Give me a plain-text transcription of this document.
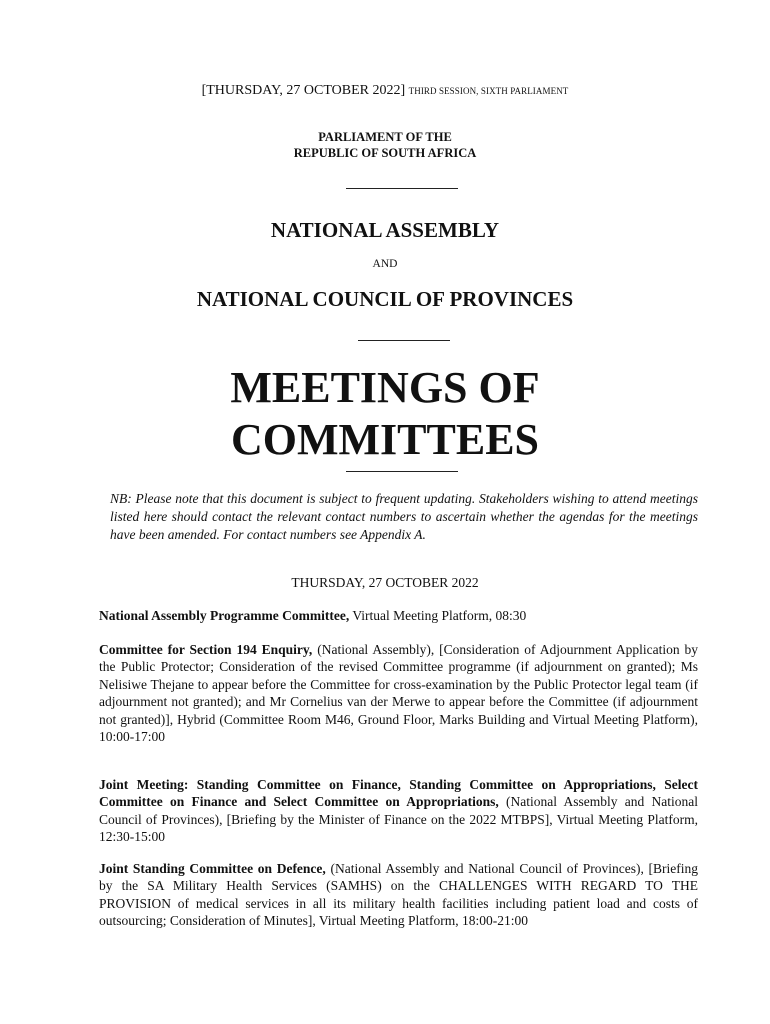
[THURSDAY, 27 OCTOBER 2022] THIRD SESSION, SIXTH PARLIAMENT
PARLIAMENT OF THE
REPUBLIC OF SOUTH AFRICA
NATIONAL ASSEMBLY
AND
NATIONAL COUNCIL OF PROVINCES
MEETINGS OF
COMMITTEES
NB: Please note that this document is subject to frequent updating. Stakeholders wishing to attend meetings listed here should contact the relevant contact numbers to ascertain whether the agendas for the meetings have been amended. For contact numbers see Appendix A.
THURSDAY, 27 OCTOBER 2022
National Assembly Programme Committee, Virtual Meeting Platform, 08:30
Committee for Section 194 Enquiry, (National Assembly), [Consideration of Adjournment Application by the Public Protector; Consideration of the revised Committee programme (if adjournment on granted); Ms Nelisiwe Thejane to appear before the Committee for cross-examination by the Public Protector legal team (if adjournment not granted); and Mr Cornelius van der Merwe to appear before the Committee (if adjournment not granted)], Hybrid (Committee Room M46, Ground Floor, Marks Building and Virtual Meeting Platform), 10:00-17:00
Joint Meeting: Standing Committee on Finance, Standing Committee on Appropriations, Select Committee on Finance and Select Committee on Appropriations, (National Assembly and National Council of Provinces), [Briefing by the Minister of Finance on the 2022 MTBPS], Virtual Meeting Platform, 12:30-15:00
Joint Standing Committee on Defence, (National Assembly and National Council of Provinces), [Briefing by the SA Military Health Services (SAMHS) on the CHALLENGES WITH REGARD TO THE PROVISION of medical services in all its military health facilities including patient load and costs of outsourcing; Consideration of Minutes], Virtual Meeting Platform, 18:00-21:00
